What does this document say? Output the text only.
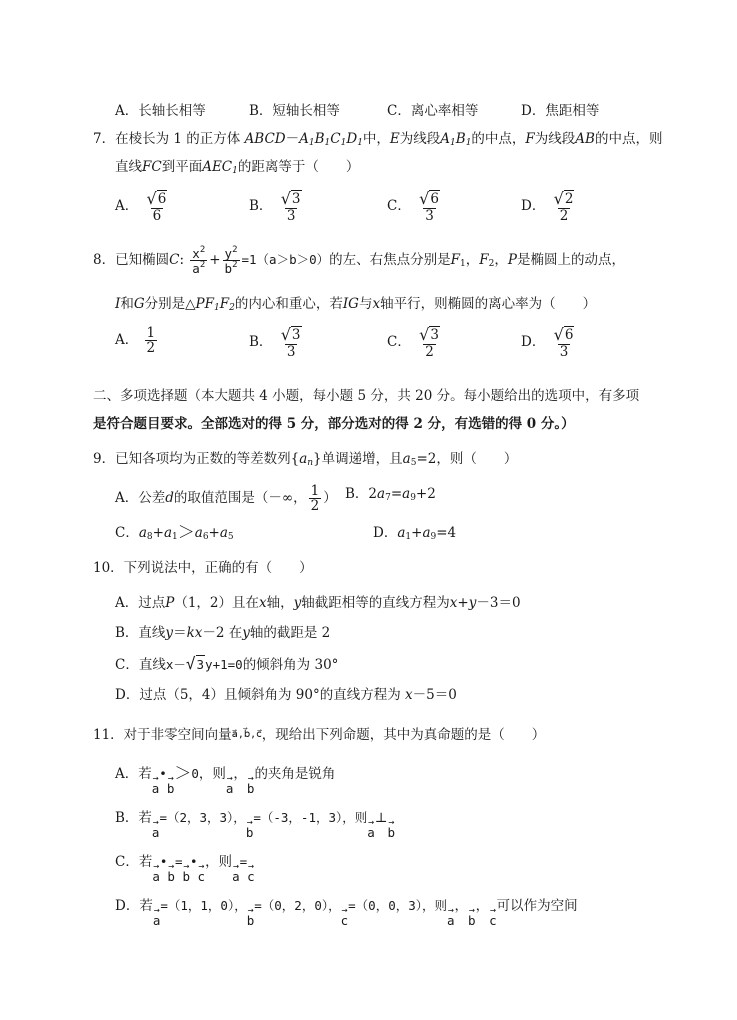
A．长轴长相等	B．短轴长相等	C．离心率相等	D．焦距相等
7．在棱长为 1 的正方体 $ABCD-A_1B_1C_1D_1$中，E为线段$A_1B_1$的中点，F为线段AB的中点，则
直线FC到平面$AEC_1$的距离等于（　　）
A． $\frac{√ 6}{6}$	B． $\frac{√ 3}{3}$	C． $\frac{√ 6}{3}$	D． $\frac{√ 2}{2}$
8．已知椭圆C: $\frac{x^2}{a^2} + \frac{y^2}{b^2} =1(a>b>0)$的左、右焦点分别是$F_1$，$F_2$，P是椭圆上的动点，
I和G分别是$\triangle PF_1F_2$的内心和重心，若IG与x轴平行，则椭圆的离心率为（　　）
A． $\frac{1}{2}$	B． $\frac{√ 3}{3}$	C． $\frac{√ 3}{2}$	D． $\frac{√ 6}{3}$
二、多项选择题（本大题共 4 小题，每小题 5 分，共 20 分。每小题给出的选项中，有多项
是符合题目要求。全部选对的得 5 分，部分选对的得 2 分，有选错的得 0 分。）
9．已知各项均为正数的等差数列$\{a_n\}$单调递增，且$a_5=2$，则（　　）
A．公差d的取值范围是（－∞， $\frac{1}{2}$ ） B．$2a_7=a_9+2$
C．$a_8+a_1>a_6+a_5$	D．$a_1+a_9=4$
10．下列说法中，正确的有（　　）
A．过点P（1，2）且在x轴，y轴截距相等的直线方程为x+y－3＝0
B．直线y＝kx－2 在y轴的截距是 2
C．直线x－ √ 3 y+1=0的倾斜角为 30°
D．过点（5，4）且倾斜角为 90°的直线方程为 x－5＝0
11．对于非零空间向量a⃗,b⃗,c⃗，现给出下列命题，其中为真命题的是（　　）
A．若 →
a• →
b＞0，则 →
a， →
b的夹角是锐角
B．若 →
a=（2，3，3）， →
b=（-3，-1，3），则 →
a⊥ →
b
C．若 →
a• →
b= →
b• →
c，则 →
a= →
c
D．若 →
a=（1，1，0）， →
b=（0，2，0）， →
c=（0，0，3），则 →
a， →
b， →
c可以作为空间
